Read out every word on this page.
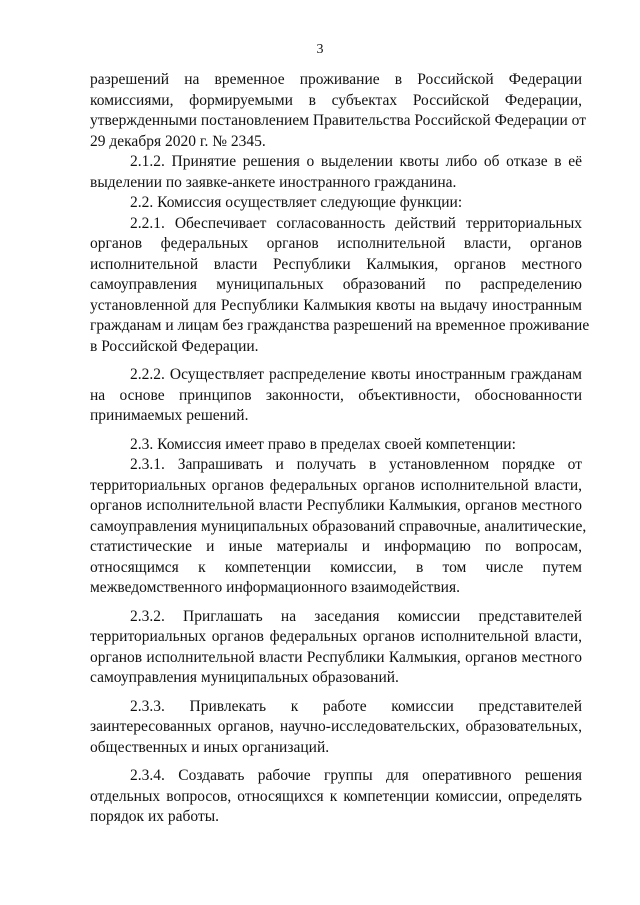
3
разрешений на временное проживание в Российской Федерации
комиссиями, формируемыми в субъектах Российской Федерации,
утвержденными постановлением Правительства Российской Федерации от
29 декабря 2020 г. № 2345.
2.1.2. Принятие решения о выделении квоты либо об отказе в её
выделении по заявке-анкете иностранного гражданина.
2.2. Комиссия осуществляет следующие функции:
2.2.1. Обеспечивает согласованность действий территориальных
органов федеральных органов исполнительной власти, органов
исполнительной власти Республики Калмыкия, органов местного
самоуправления муниципальных образований по распределению
установленной для Республики Калмыкия квоты на выдачу иностранным
гражданам и лицам без гражданства разрешений на временное проживание
в Российской Федерации.
2.2.2. Осуществляет распределение квоты иностранным гражданам
на основе принципов законности, объективности, обоснованности
принимаемых решений.
2.3. Комиссия имеет право в пределах своей компетенции:
2.3.1. Запрашивать и получать в установленном порядке от
территориальных органов федеральных органов исполнительной власти,
органов исполнительной власти Республики Калмыкия, органов местного
самоуправления муниципальных образований справочные, аналитические,
статистические и иные материалы и информацию по вопросам,
относящимся к компетенции комиссии, в том числе путем
межведомственного информационного взаимодействия.
2.3.2. Приглашать на заседания комиссии представителей
территориальных органов федеральных органов исполнительной власти,
органов исполнительной власти Республики Калмыкия, органов местного
самоуправления муниципальных образований.
2.3.3. Привлекать к работе комиссии представителей
заинтересованных органов, научно-исследовательских, образовательных,
общественных и иных организаций.
2.3.4. Создавать рабочие группы для оперативного решения
отдельных вопросов, относящихся к компетенции комиссии, определять
порядок их работы.
